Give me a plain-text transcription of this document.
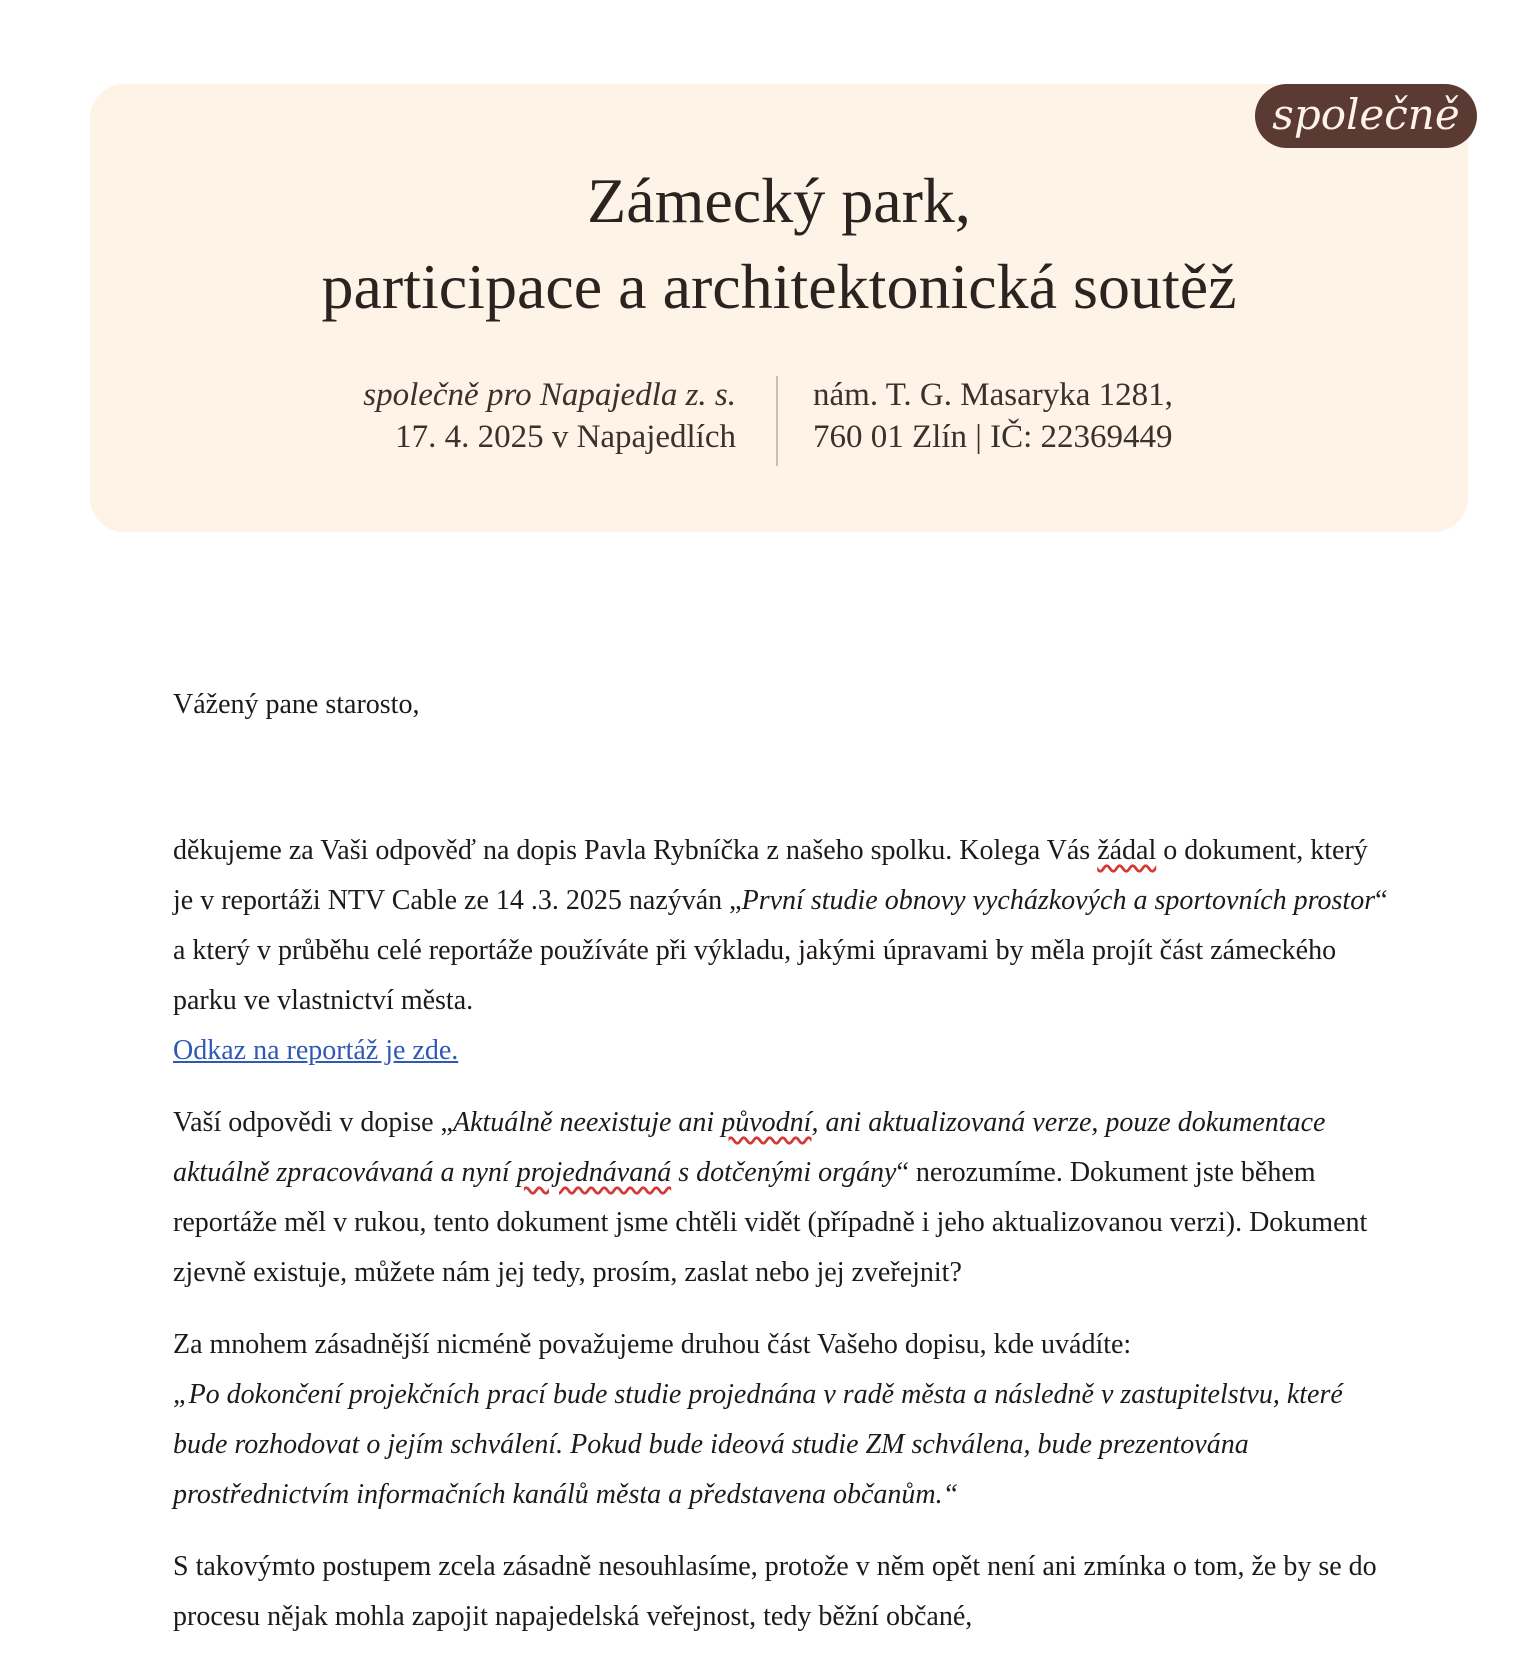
společně
Zámecký park,
participace a architektonická soutěž
společně pro Napajedla z. s.
17. 4. 2025 v Napajedlích
nám. T. G. Masaryka 1281,
760 01 Zlín | IČ: 22369449

Vážený pane starosto,

děkujeme za Vaši odpověď na dopis Pavla Rybníčka z našeho spolku. Kolega Vás žádal o dokument, který je v reportáži NTV Cable ze 14 .3. 2025 nazýván „První studie obnovy vycházkových a sportovních prostor“ a který v průběhu celé reportáže používáte při výkladu, jakými úpravami by měla projít část zámeckého parku ve vlastnictví města.
Odkaz na reportáž je zde.

Vaší odpovědi v dopise „Aktuálně neexistuje ani původní, ani aktualizovaná verze, pouze dokumentace aktuálně zpracovávaná a nyní projednávaná s dotčenými orgány“ nerozumíme. Dokument jste během reportáže měl v rukou, tento dokument jsme chtěli vidět (případně i jeho aktualizovanou verzi). Dokument zjevně existuje, můžete nám jej tedy, prosím, zaslat nebo jej zveřejnit?

Za mnohem zásadnější nicméně považujeme druhou část Vašeho dopisu, kde uvádíte:
„Po dokončení projekčních prací bude studie projednána v radě města a následně v zastupitelstvu, které bude rozhodovat o jejím schválení. Pokud bude ideová studie ZM schválena, bude prezentována prostřednictvím informačních kanálů města a představena občanům.“

S takovýmto postupem zcela zásadně nesouhlasíme, protože v něm opět není ani zmínka o tom, že by se do procesu nějak mohla zapojit napajedelská veřejnost, tedy běžní občané,
